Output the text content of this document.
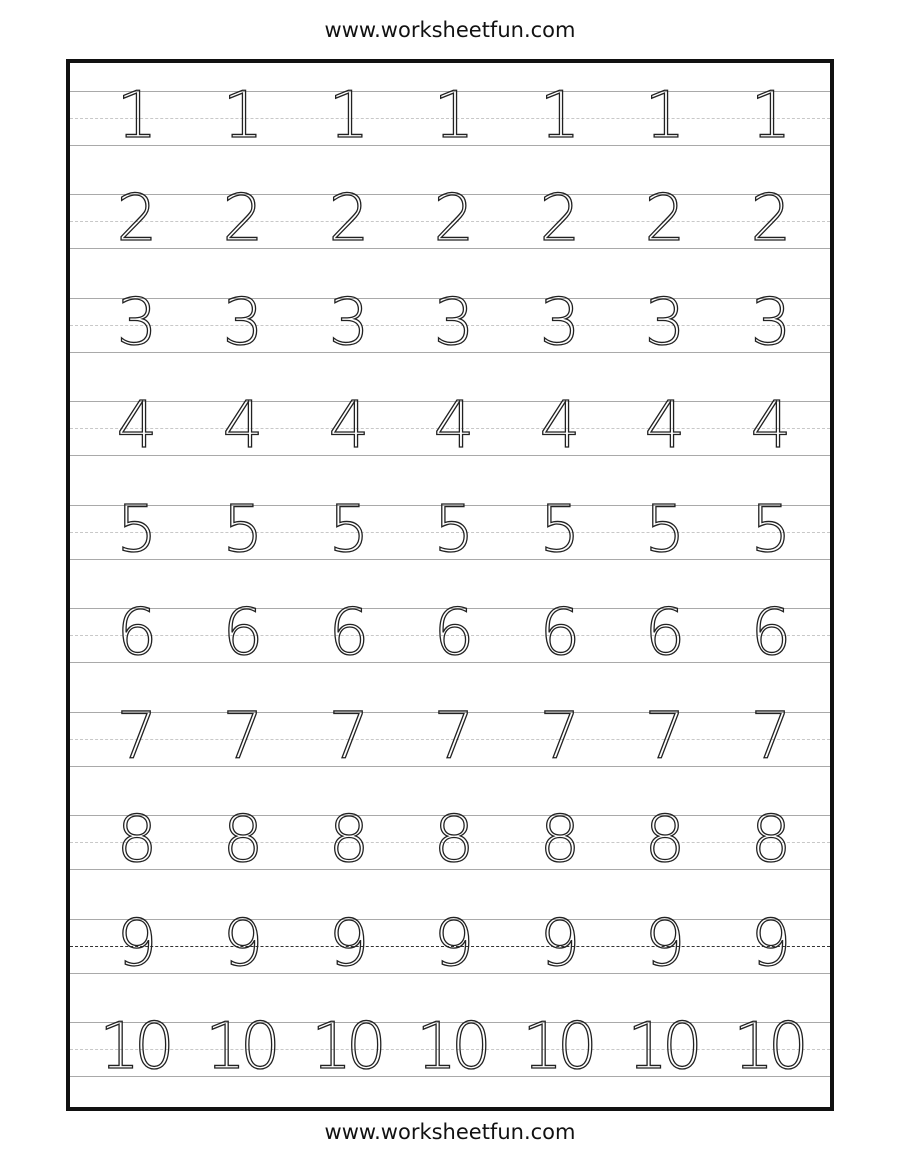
www.worksheetfun.com
1	1	1	1	1	1	1
2	2	2	2	2	2	2
3	3	3	3	3	3	3
4	4	4	4	4	4	4
5	5	5	5	5	5	5
6	6	6	6	6	6	6
7	7	7	7	7	7	7
8	8	8	8	8	8	8
9	9	9	9	9	9	9
10 10 10 10 10 10 10
www.worksheetfun.com
